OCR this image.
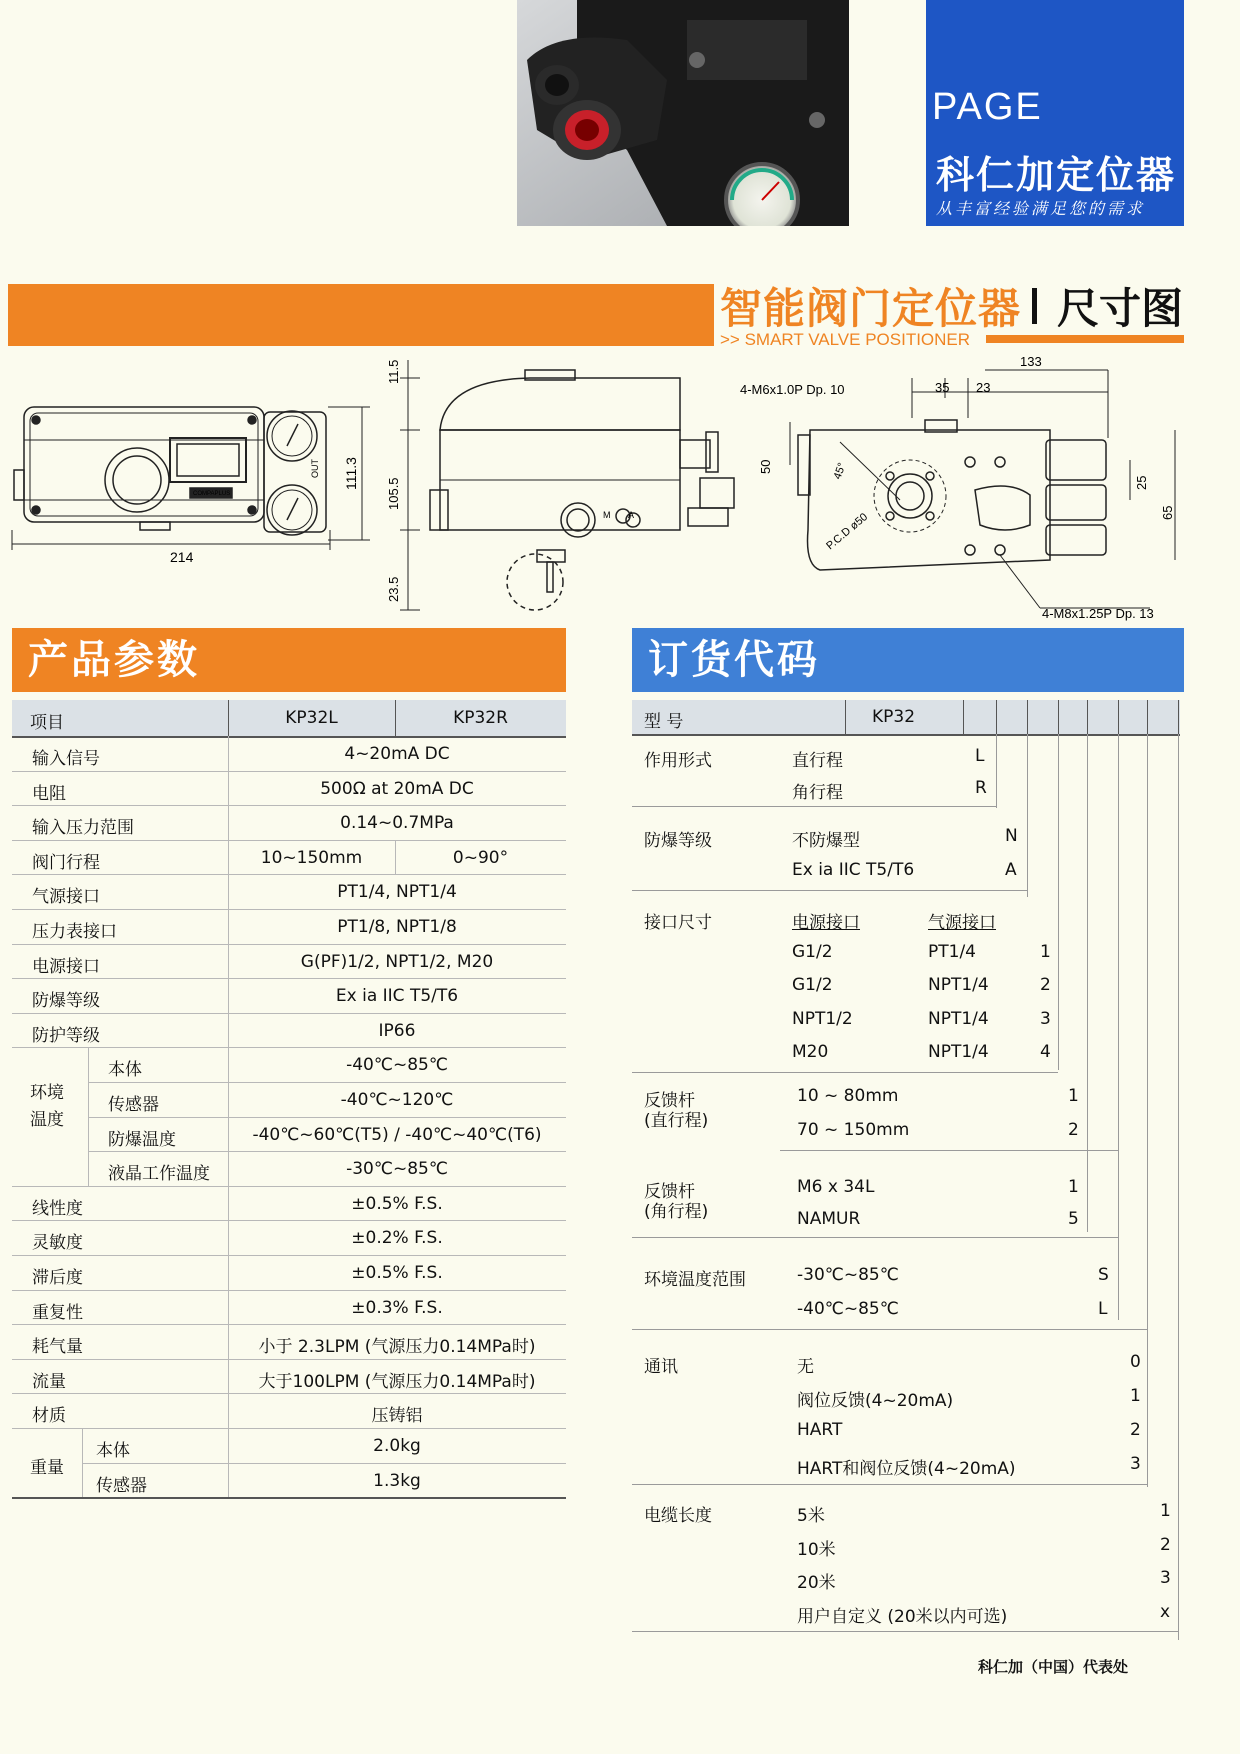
PAGE
科仁加定位器
从丰富经验满足您的需求
智能阀门定位器 尺寸图
>> SMART VALVE POSITIONER
214
111.3
COMPAPLUS
OUT
11.5
105.5
23.5
M A
133
35 23
50
25
65
45°
P.C.D ø50
4-M6x1.0P Dp. 10
4-M8x1.25P Dp. 13
产品参数	订货代码
项目	KP32L	KP32R
输入信号	4~20mA DC
电阻	500Ω at 20mA DC
输入压力范围	0.14~0.7MPa
阀门行程	10~150mm	0~90°
气源接口	PT1/4, NPT1/4
压力表接口	PT1/8, NPT1/8
电源接口	G(PF)1/2, NPT1/2, M20
防爆等级	Ex ia IIC T5/T6
防护等级	IP66
本体	-40℃~85℃
传感器	-40℃~120℃
防爆温度	-40℃~60℃(T5) / -40℃~40℃(T6)
液晶工作温度	-30℃~85℃
环境
温度
线性度	±0.5% F.S.
灵敏度	±0.2% F.S.
滞后度	±0.5% F.S.
重复性	±0.3% F.S.
耗气量	小于 2.3LPM (气源压力0.14MPa时)
流量	大于100LPM (气源压力0.14MPa时)
材质	压铸铝
本体	2.0kg
传感器	1.3kg
重量
型 号	KP32
作用形式	直行程	L
角行程	R
防爆等级	不防爆型	N
Ex ia IIC T5/T6	A
接口尺寸	电源接口	气源接口
G1/2	PT1/4	1
G1/2	NPT1/4	2
NPT1/2	NPT1/4	3
M20	NPT1/4	4
反馈杆
(直行程)
10 ~ 80mm	1
70 ~ 150mm	2
反馈杆
(角行程)
M6 x 34L	1
NAMUR	5
环境温度范围	-30℃~85℃	S
-40℃~85℃	L
通讯	无	0
阀位反馈(4~20mA)	1
HART	2
HART和阀位反馈(4~20mA)	3
电缆长度	5米	1
10米	2
20米	3
用户自定义 (20米以内可选)	x
科仁加（中国）代表处
